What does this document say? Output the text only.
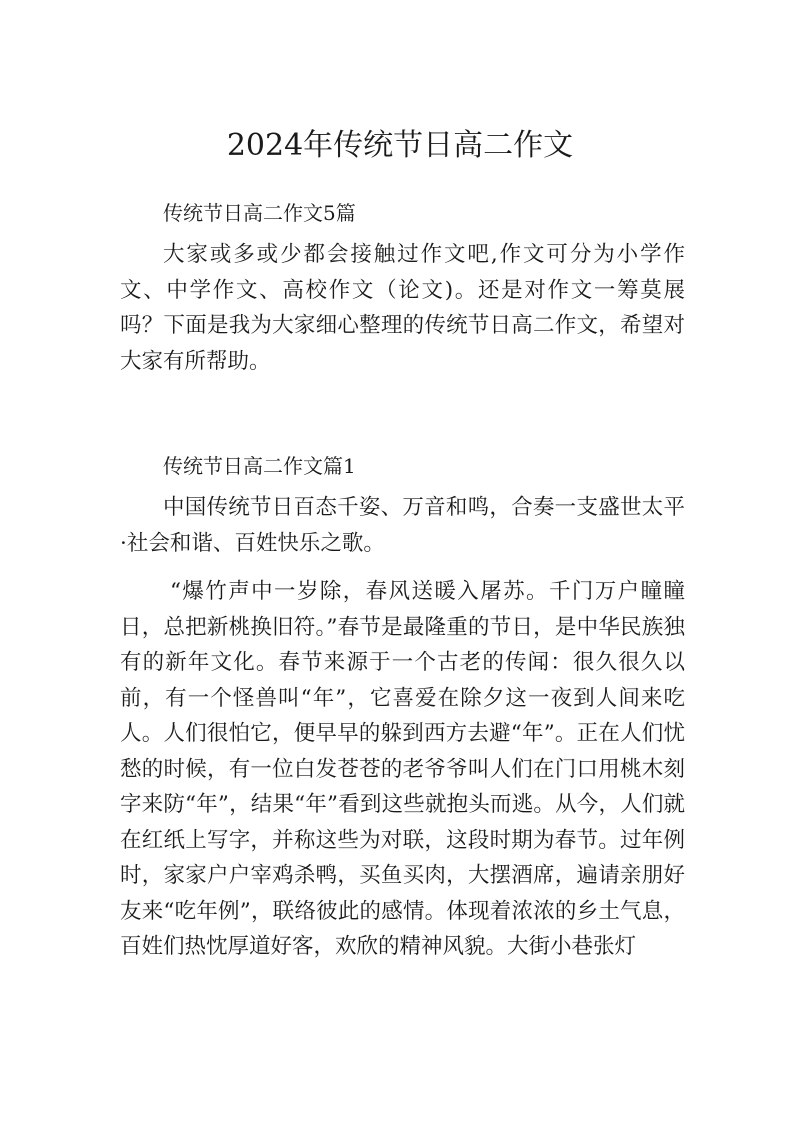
2024年传统节日高二作文

传统节日高二作文5篇

大家或多或少都会接触过作文吧,作文可分为小学作文、中学作文、高校作文（论文)。还是对作文一筹莫展吗？下面是我为大家细心整理的传统节日高二作文，希望对大家有所帮助。

传统节日高二作文篇1

中国传统节日百态千姿、万音和鸣，合奏一支盛世太平·社会和谐、百姓快乐之歌。

“爆竹声中一岁除，春风送暖入屠苏。千门万户瞳瞳日，总把新桃换旧符。”春节是最隆重的节日，是中华民族独有的新年文化。春节来源于一个古老的传闻：很久很久以前，有一个怪兽叫“年”，它喜爱在除夕这一夜到人间来吃人。人们很怕它，便早早的躲到西方去避“年”。正在人们忧愁的时候，有一位白发苍苍的老爷爷叫人们在门口用桃木刻字来防“年”，结果“年”看到这些就抱头而逃。从今，人们就在红纸上写字，并称这些为对联，这段时期为春节。过年例时，家家户户宰鸡杀鸭，买鱼买肉，大摆酒席，遍请亲朋好友来“吃年例”，联络彼此的感情。体现着浓浓的乡土气息，百姓们热忱厚道好客，欢欣的精神风貌。大街小巷张灯
